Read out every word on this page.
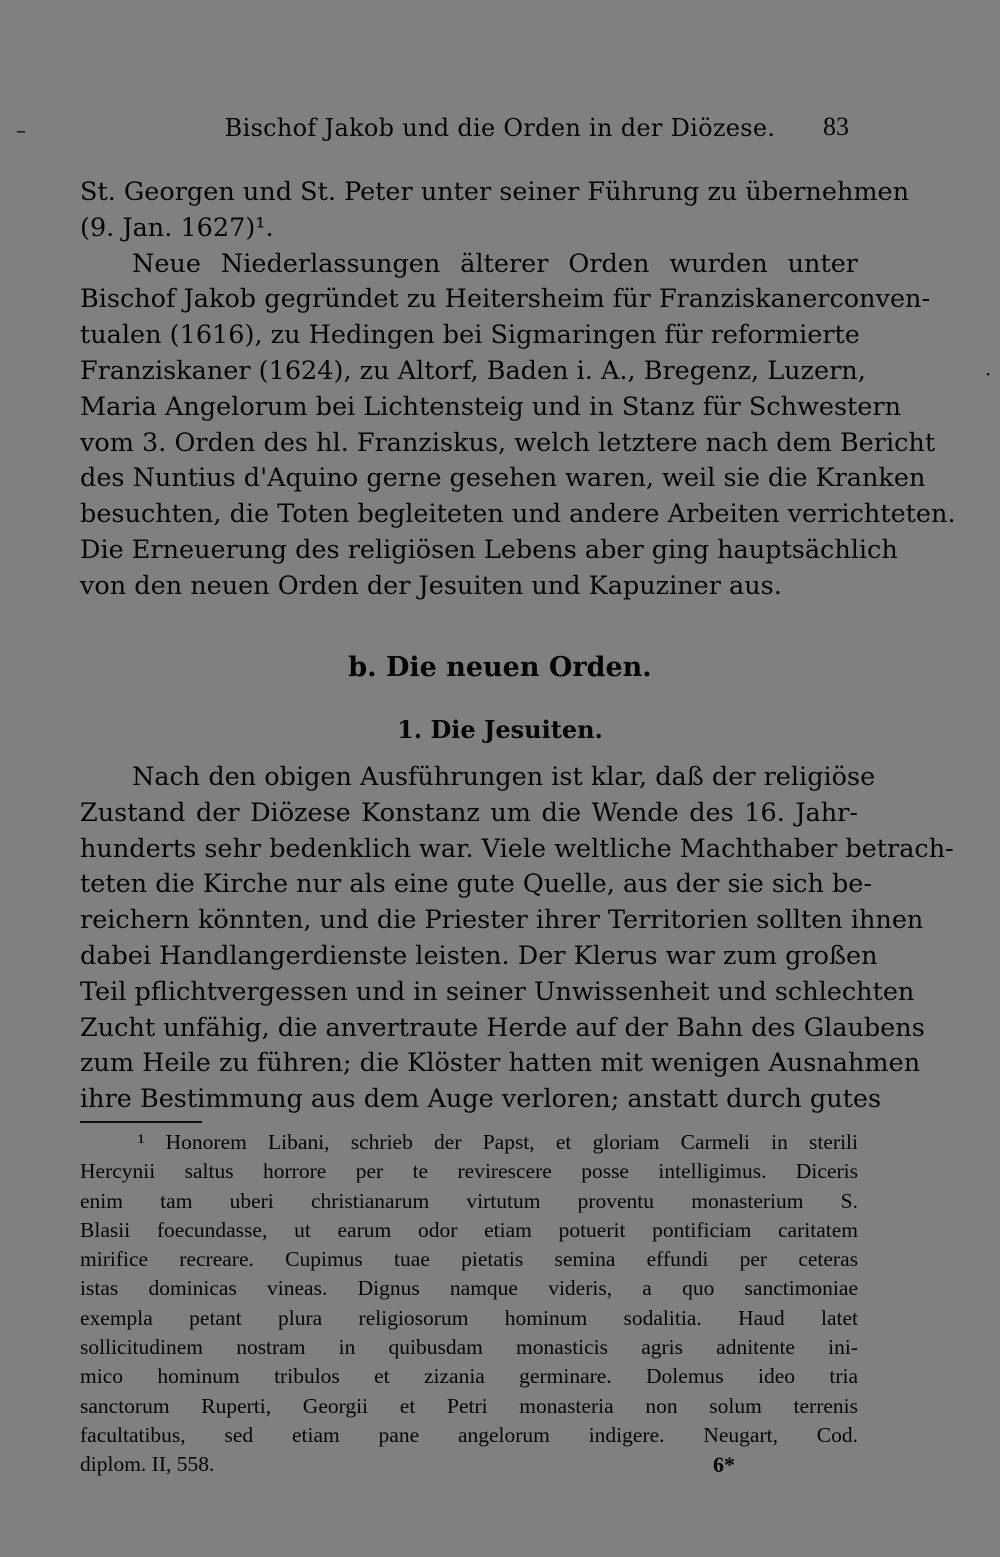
–
·
Bischof Jakob und die Orden in der Diözese.	83
St. Georgen und St. Peter unter seiner Führung zu übernehmen
(9. Jan. 1627)¹.
Neue Niederlassungen älterer Orden wurden unter
Bischof Jakob gegründet zu Heitersheim für Franziskanerconven-
tualen (1616), zu Hedingen bei Sigmaringen für reformierte
Franziskaner (1624), zu Altorf, Baden i. A., Bregenz, Luzern,
Maria Angelorum bei Lichtensteig und in Stanz für Schwestern
vom 3. Orden des hl. Franziskus, welch letztere nach dem Bericht
des Nuntius d'Aquino gerne gesehen waren, weil sie die Kranken
besuchten, die Toten begleiteten und andere Arbeiten verrichteten.
Die Erneuerung des religiösen Lebens aber ging hauptsächlich
von den neuen Orden der Jesuiten und Kapuziner aus.
b. Die neuen Orden.
1. Die Jesuiten.
Nach den obigen Ausführungen ist klar, daß der religiöse
Zustand der Diözese Konstanz um die Wende des 16. Jahr-
hunderts sehr bedenklich war. Viele weltliche Machthaber betrach-
teten die Kirche nur als eine gute Quelle, aus der sie sich be-
reichern könnten, und die Priester ihrer Territorien sollten ihnen
dabei Handlangerdienste leisten. Der Klerus war zum großen
Teil pflichtvergessen und in seiner Unwissenheit und schlechten
Zucht unfähig, die anvertraute Herde auf der Bahn des Glaubens
zum Heile zu führen; die Klöster hatten mit wenigen Ausnahmen
ihre Bestimmung aus dem Auge verloren; anstatt durch gutes
¹ Honorem Libani, schrieb der Papst, et gloriam Carmeli in sterili
Hercynii saltus horrore per te revirescere posse intelligimus. Diceris
enim tam uberi christianarum virtutum proventu monasterium S.
Blasii foecundasse, ut earum odor etiam potuerit pontificiam caritatem
mirifice recreare. Cupimus tuae pietatis semina effundi per ceteras
istas dominicas vineas. Dignus namque videris, a quo sanctimoniae
exempla petant plura religiosorum hominum sodalitia. Haud latet
sollicitudinem nostram in quibusdam monasticis agris adnitente ini-
mico hominum tribulos et zizania germinare. Dolemus ideo tria
sanctorum Ruperti, Georgii et Petri monasteria non solum terrenis
facultatibus, sed etiam pane angelorum indigere. Neugart, Cod.
diplom. II, 558.	6*
